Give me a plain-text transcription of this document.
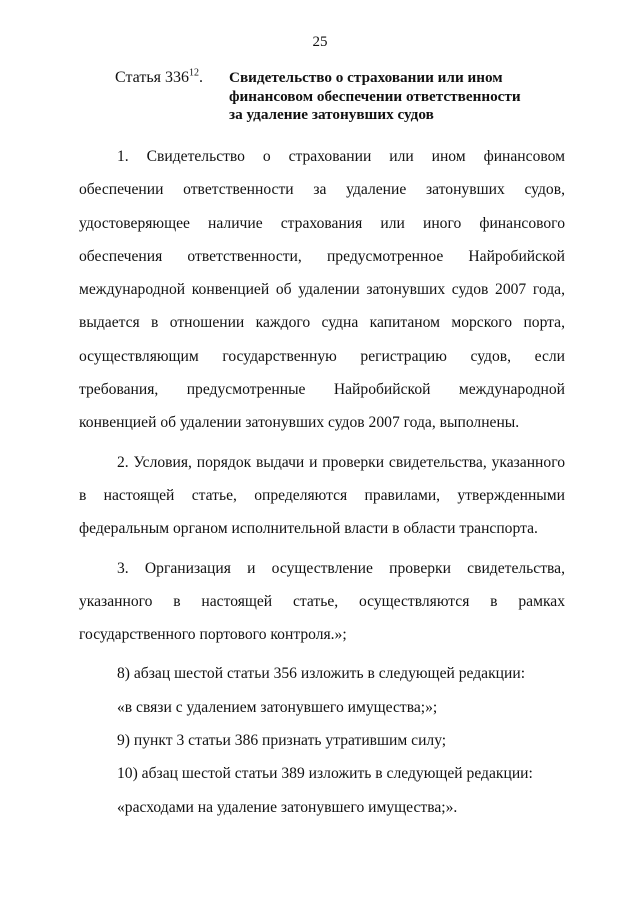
25
Статья $336^{12}$. Свидетельство о страховании или ином
финансовом обеспечении ответственности
за удаление затонувших судов

1. Свидетельство о страховании или ином финансовом обеспечении ответственности за удаление затонувших судов, удостоверяющее наличие страхования или иного финансового обеспечения ответственности, предусмотренное Найробийской международной конвенцией об удалении затонувших судов 2007 года, выдается в отношении каждого судна капитаном морского порта, осуществляющим государственную регистрацию судов, если требования, предусмотренные Найробийской международной конвенцией об удалении затонувших судов 2007 года, выполнены.

2. Условия, порядок выдачи и проверки свидетельства, указанного в настоящей статье, определяются правилами, утвержденными федеральным органом исполнительной власти в области транспорта.

3. Организация и осуществление проверки свидетельства, указанного в настоящей статье, осуществляются в рамках государственного портового контроля.»;

8) абзац шестой статьи 356 изложить в следующей редакции:

«в связи с удалением затонувшего имущества;»;

9) пункт 3 статьи 386 признать утратившим силу;

10) абзац шестой статьи 389 изложить в следующей редакции:

«расходами на удаление затонувшего имущества;».
